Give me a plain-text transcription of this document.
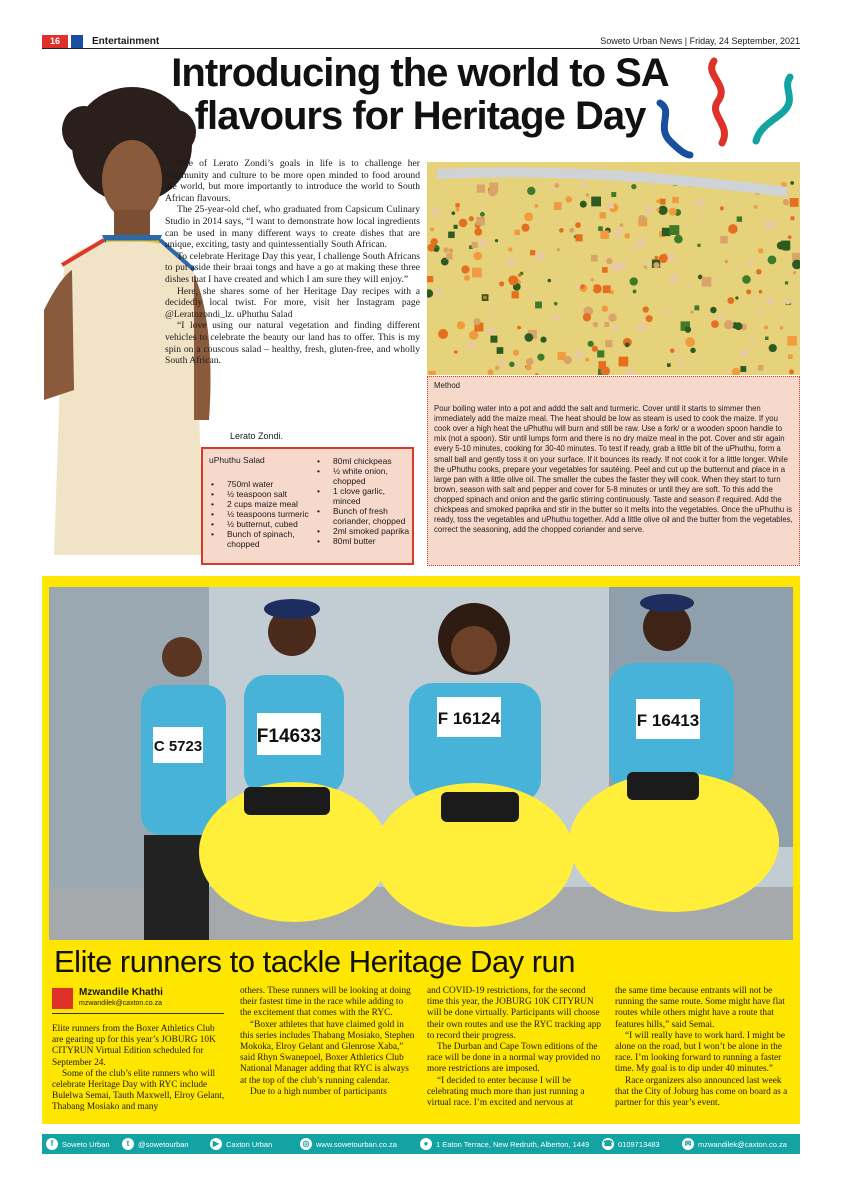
16	Entertainment	Soweto Urban News | Friday, 24 September, 2021
Introducing the world to SA flavours for Heritage Day

One of Lerato Zondi’s goals in life is to challenge her community and culture to be more open minded to food around the world, but more importantly to introduce the world to South African flavours.

The 25-year-old chef, who graduated from Capsicum Culinary Studio in 2014 says, “I want to demonstrate how local ingredients can be used in many different ways to create dishes that are unique, exciting, tasty and quintessentially South African.

To celebrate Heritage Day this year, I challenge South Africans to put aside their braai tongs and have a go at making these three dishes that I have created and which I am sure they will enjoy.”

Here, she shares some of her Heritage Day recipes with a decidedly local twist. For more, visit her Instagram page @Leratozondi_lz. uPhuthu Salad

“I love using our natural vegetation and finding different vehicles to celebrate the beauty our land has to offer. This is my spin on a couscous salad – healthy, fresh, gluten-free, and wholly South African.

Lerato Zondi.
uPhuthu Salad
• 750ml water
• ½ teaspoon salt
• 2 cups maize meal
• ½ teaspoons turmeric
• ½ butternut, cubed
• Bunch of spinach, chopped
• 80ml chickpeas
• ½ white onion, chopped
• 1 clove garlic, minced
• Bunch of fresh coriander, chopped
• 2ml smoked paprika
• 80ml butter
Method
Pour boiling water into a pot and addd the salt and turmeric. Cover until it starts to simmer then immediately add the maize meal. The heat should be low as steam is used to cook the maize. If you cook over a high heat the uPhuthu will burn and still be raw. Use a fork/ or a wooden spoon handle to mix (not a spoon). Stir until lumps form and there is no dry maize meal in the pot. Cover and stir again every 5-10 minutes, cooking for 30-40 minutes. To test if ready, grab a little bit of the uPhuthu, form a small ball and gently toss it on your surface. If it bounces its ready. If not cook it for a little longer. While the uPhuthu cooks, prepare your vegetables for sautéing. Peel and cut up the butternut and place in a large pan with a little olive oil. The smaller the cubes the faster they will cook. When they start to turn brown, season with salt and pepper and cover for 5-8 minutes or until they are soft. To this add the chopped spinach and onion and the garlic stirring continuously. Taste and season if required. Add the chickpeas and smoked paprika and stir in the butter so it melts into the vegetables. Once the uPhuthu is ready, toss the vegetables and uPhuthu together. Add a little olive oil and the butter from the vegetables, correct the seasoning, add the chopped coriander and serve.
C 5723	F14633
F 16124	F 16413
Elite runners to tackle Heritage Day run
Mzwandile Khathi
mzwandilek@caxton.co.za

Elite runners from the Boxer Athletics Club are gearing up for this year’s JOBURG 10K CITYRUN Virtual Edition scheduled for September 24.

Some of the club’s elite runners who will celebrate Heritage Day with RYC include Bulelwa Semai, Tauth Maxwell, Elroy Gelant, Thabang Mosiako and many

others. These runners will be looking at doing their fastest time in the race while adding to the excitement that comes with the RYC.

“Boxer athletes that have claimed gold in this series includes Thabang Mosiako, Stephen Mokoka, Elroy Gelant and Glenrose Xaba,” said Rhyn Swanepoel, Boxer Athletics Club National Manager adding that RYC is always at the top of the club’s running calendar.

Due to a high number of participants

and COVID-19 restrictions, for the second time this year, the JOBURG 10K CITYRUN will be done virtually. Participants will choose their own routes and use the RYC tracking app to record their progress.

The Durban and Cape Town editions of the race will be done in a normal way provided no more restrictions are imposed.

“I decided to enter because I will be celebrating much more than just running a virtual race. I’m excited and nervous at

the same time because entrants will not be running the same route. Some might have flat routes while others might have a route that features hills,” said Semai.

“I will really have to work hard. I might be alone on the road, but I won’t be alone in the race. I’m looking forward to running a faster time. My goal is to dip under 40 minutes.”

Race organizers also announced last week that the City of Joburg has come on board as a partner for this year’s event.

f	Soweto Urban	t	@sowetourban	▶ Caxton Urban	◎ www.sowetourban.co.za	●	1 Eaton Terrace, New Redruth, Alberton, 1449 ☎ 0109713483	✉ mzwandilek@caxton.co.za
